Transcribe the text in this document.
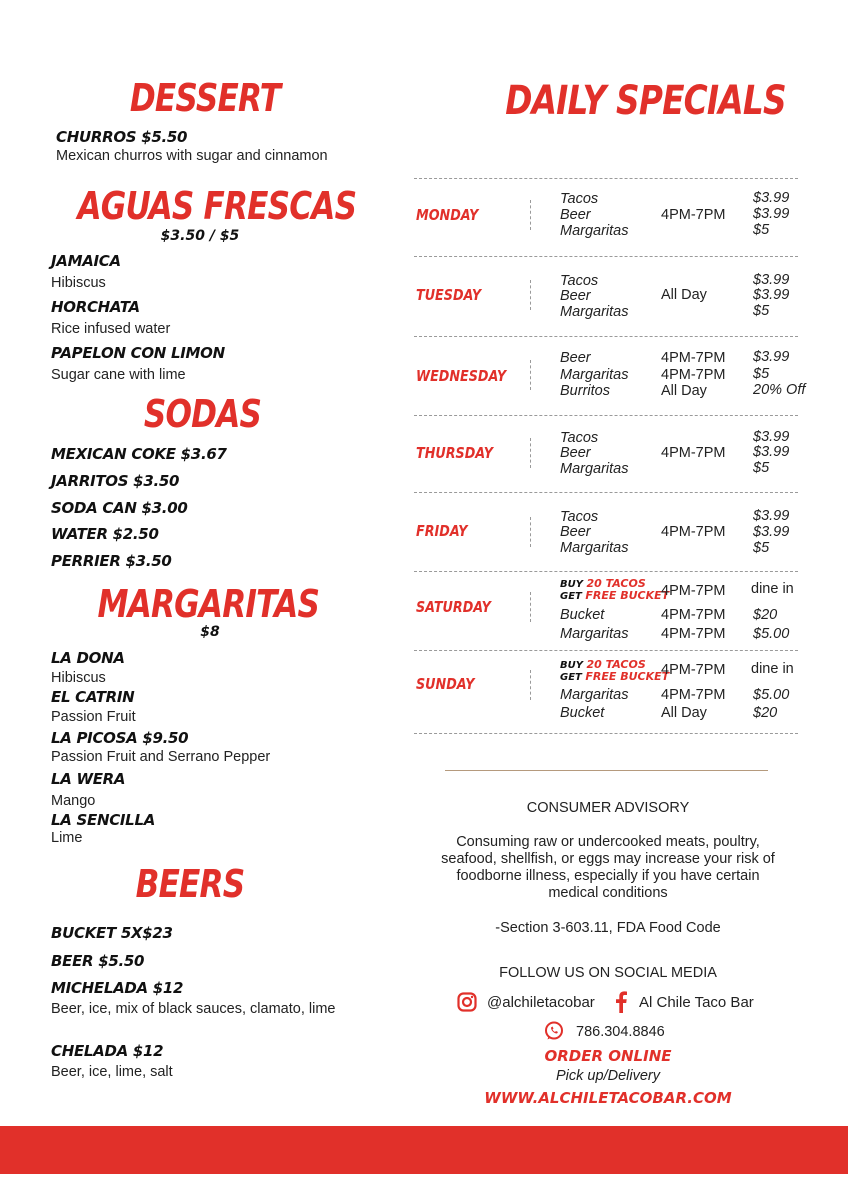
DESSERT
CHURROS $5.50
Mexican churros with sugar and cinnamon
AGUAS FRESCAS
$3.50 / $5
JAMAICA
Hibiscus
HORCHATA
Rice infused water
PAPELON CON LIMON
Sugar cane with lime
SODAS
MEXICAN COKE $3.67
JARRITOS $3.50
SODA CAN $3.00
WATER $2.50
PERRIER $3.50
MARGARITAS
$8
LA DONA
Hibiscus
EL CATRIN
Passion Fruit
LA PICOSA $9.50
Passion Fruit and Serrano Pepper
LA WERA
Mango
LA SENCILLA
Lime
BEERS
BUCKET 5X$23
BEER $5.50
MICHELADA $12
Beer, ice, mix of black sauces, clamato, lime
CHELADA $12
Beer, ice, lime, salt
DAILY SPECIALS
MONDAY
Tacos
Beer
Margaritas
4PM-7PM
$3.99
$3.99
$5
TUESDAY
Tacos
Beer
Margaritas
All Day
$3.99
$3.99
$5
WEDNESDAY
Beer
Margaritas
Burritos
4PM-7PM
4PM-7PM
All Day
$3.99
$5
20% Off
THURSDAY
Tacos
Beer
Margaritas
4PM-7PM
$3.99
$3.99
$5
FRIDAY
Tacos
Beer
Margaritas
4PM-7PM
$3.99
$3.99
$5
SATURDAY
BUY 20 TACOS
GET FREE BUCKET
Bucket
Margaritas
4PM-7PM
4PM-7PM
4PM-7PM
dine in
$20
$5.00
SUNDAY
BUY 20 TACOS
GET FREE BUCKET
Margaritas
Bucket
4PM-7PM
4PM-7PM
All Day
dine in
$5.00
$20
CONSUMER ADVISORY
Consuming raw or undercooked meats, poultry,
seafood, shellfish, or eggs may increase your risk of
foodborne illness, especially if you have certain
medical conditions
-Section 3-603.11, FDA Food Code
FOLLOW US ON SOCIAL MEDIA
@alchiletacobar	Al Chile Taco Bar
786.304.8846
ORDER ONLINE
Pick up/Delivery
WWW.ALCHILETACOBAR.COM
